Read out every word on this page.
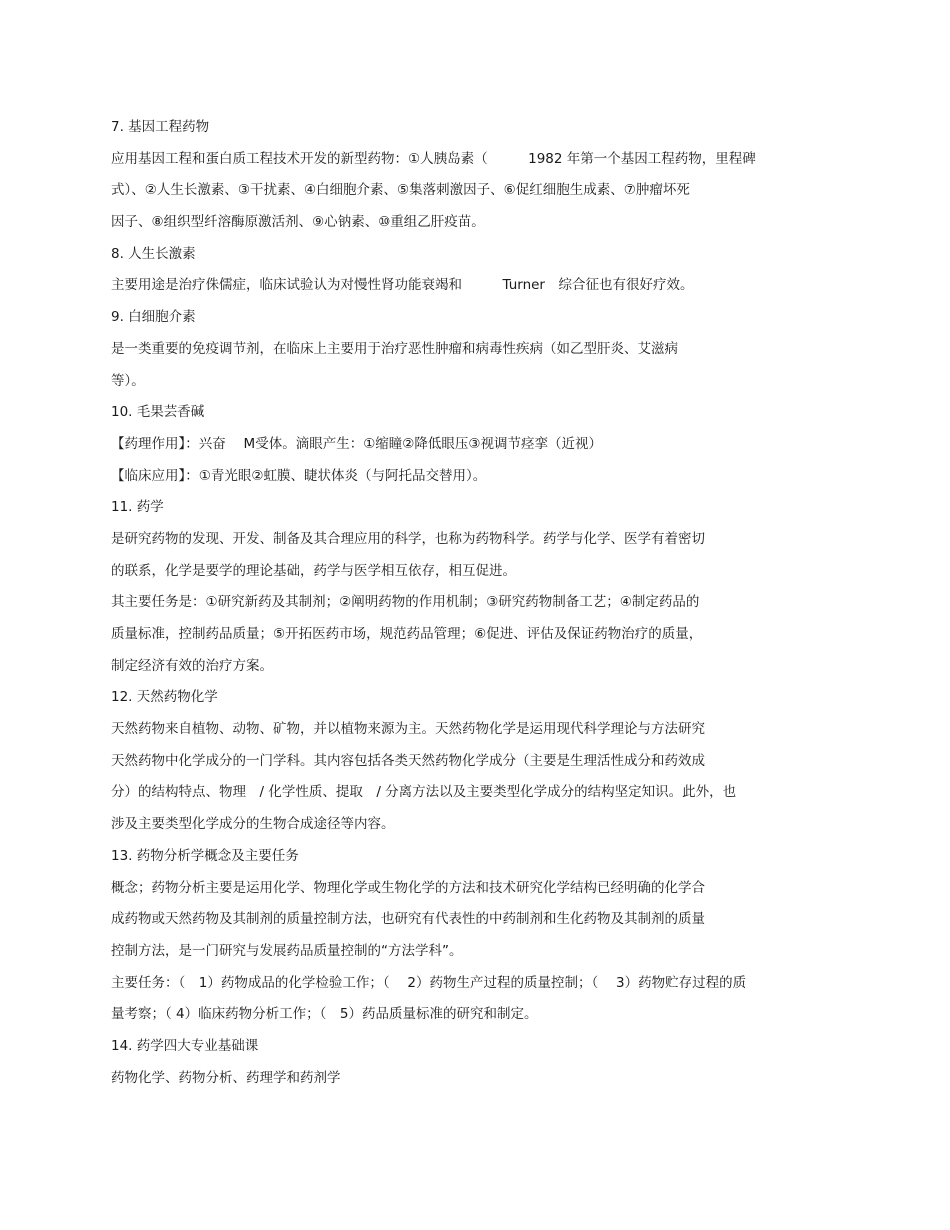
7. 基因工程药物
应用基因工程和蛋白质工程技术开发的新型药物：①人胰岛素（　　　1982 年第一个基因工程药物，里程碑
式）、②人生长激素、③干扰素、④白细胞介素、⑤集落刺激因子、⑥促红细胞生成素、⑦肿瘤坏死
因子、⑧组织型纤溶酶原激活剂、⑨心钠素、⑩重组乙肝疫苗。
8. 人生长激素
主要用途是治疗侏儒症，临床试验认为对慢性肾功能衰竭和　　　Turner　综合征也有很好疗效。
9. 白细胞介素
是一类重要的免疫调节剂，在临床上主要用于治疗恶性肿瘤和病毒性疾病（如乙型肝炎、艾滋病
等）。
10. 毛果芸香碱
【药理作用】：兴奋　 M受体。滴眼产生：①缩瞳②降低眼压③视调节痉挛（近视）
【临床应用】：①青光眼②虹膜、睫状体炎（与阿托品交替用）。
11. 药学
是研究药物的发现、开发、制备及其合理应用的科学，也称为药物科学。药学与化学、医学有着密切
的联系，化学是要学的理论基础，药学与医学相互依存，相互促进。
其主要任务是：①研究新药及其制剂；②阐明药物的作用机制；③研究药物制备工艺；④制定药品的
质量标准，控制药品质量；⑤开拓医药市场，规范药品管理；⑥促进、评估及保证药物治疗的质量，
制定经济有效的治疗方案。
12. 天然药物化学
天然药物来自植物、动物、矿物，并以植物来源为主。天然药物化学是运用现代科学理论与方法研究
天然药物中化学成分的一门学科。其内容包括各类天然药物化学成分（主要是生理活性成分和药效成
分）的结构特点、物理　/ 化学性质、提取　/ 分离方法以及主要类型化学成分的结构坚定知识。此外，也
涉及主要类型化学成分的生物合成途径等内容。
13. 药物分析学概念及主要任务
概念；药物分析主要是运用化学、物理化学或生物化学的方法和技术研究化学结构已经明确的化学合
成药物或天然药物及其制剂的质量控制方法，也研究有代表性的中药制剂和生化药物及其制剂的质量
控制方法，是一门研究与发展药品质量控制的“方法学科”。
主要任务：（　1）药物成品的化学检验工作；（　 2）药物生产过程的质量控制；（　 3）药物贮存过程的质
量考察；（ 4）临床药物分析工作；（　5）药品质量标准的研究和制定。
14. 药学四大专业基础课
药物化学、药物分析、药理学和药剂学
